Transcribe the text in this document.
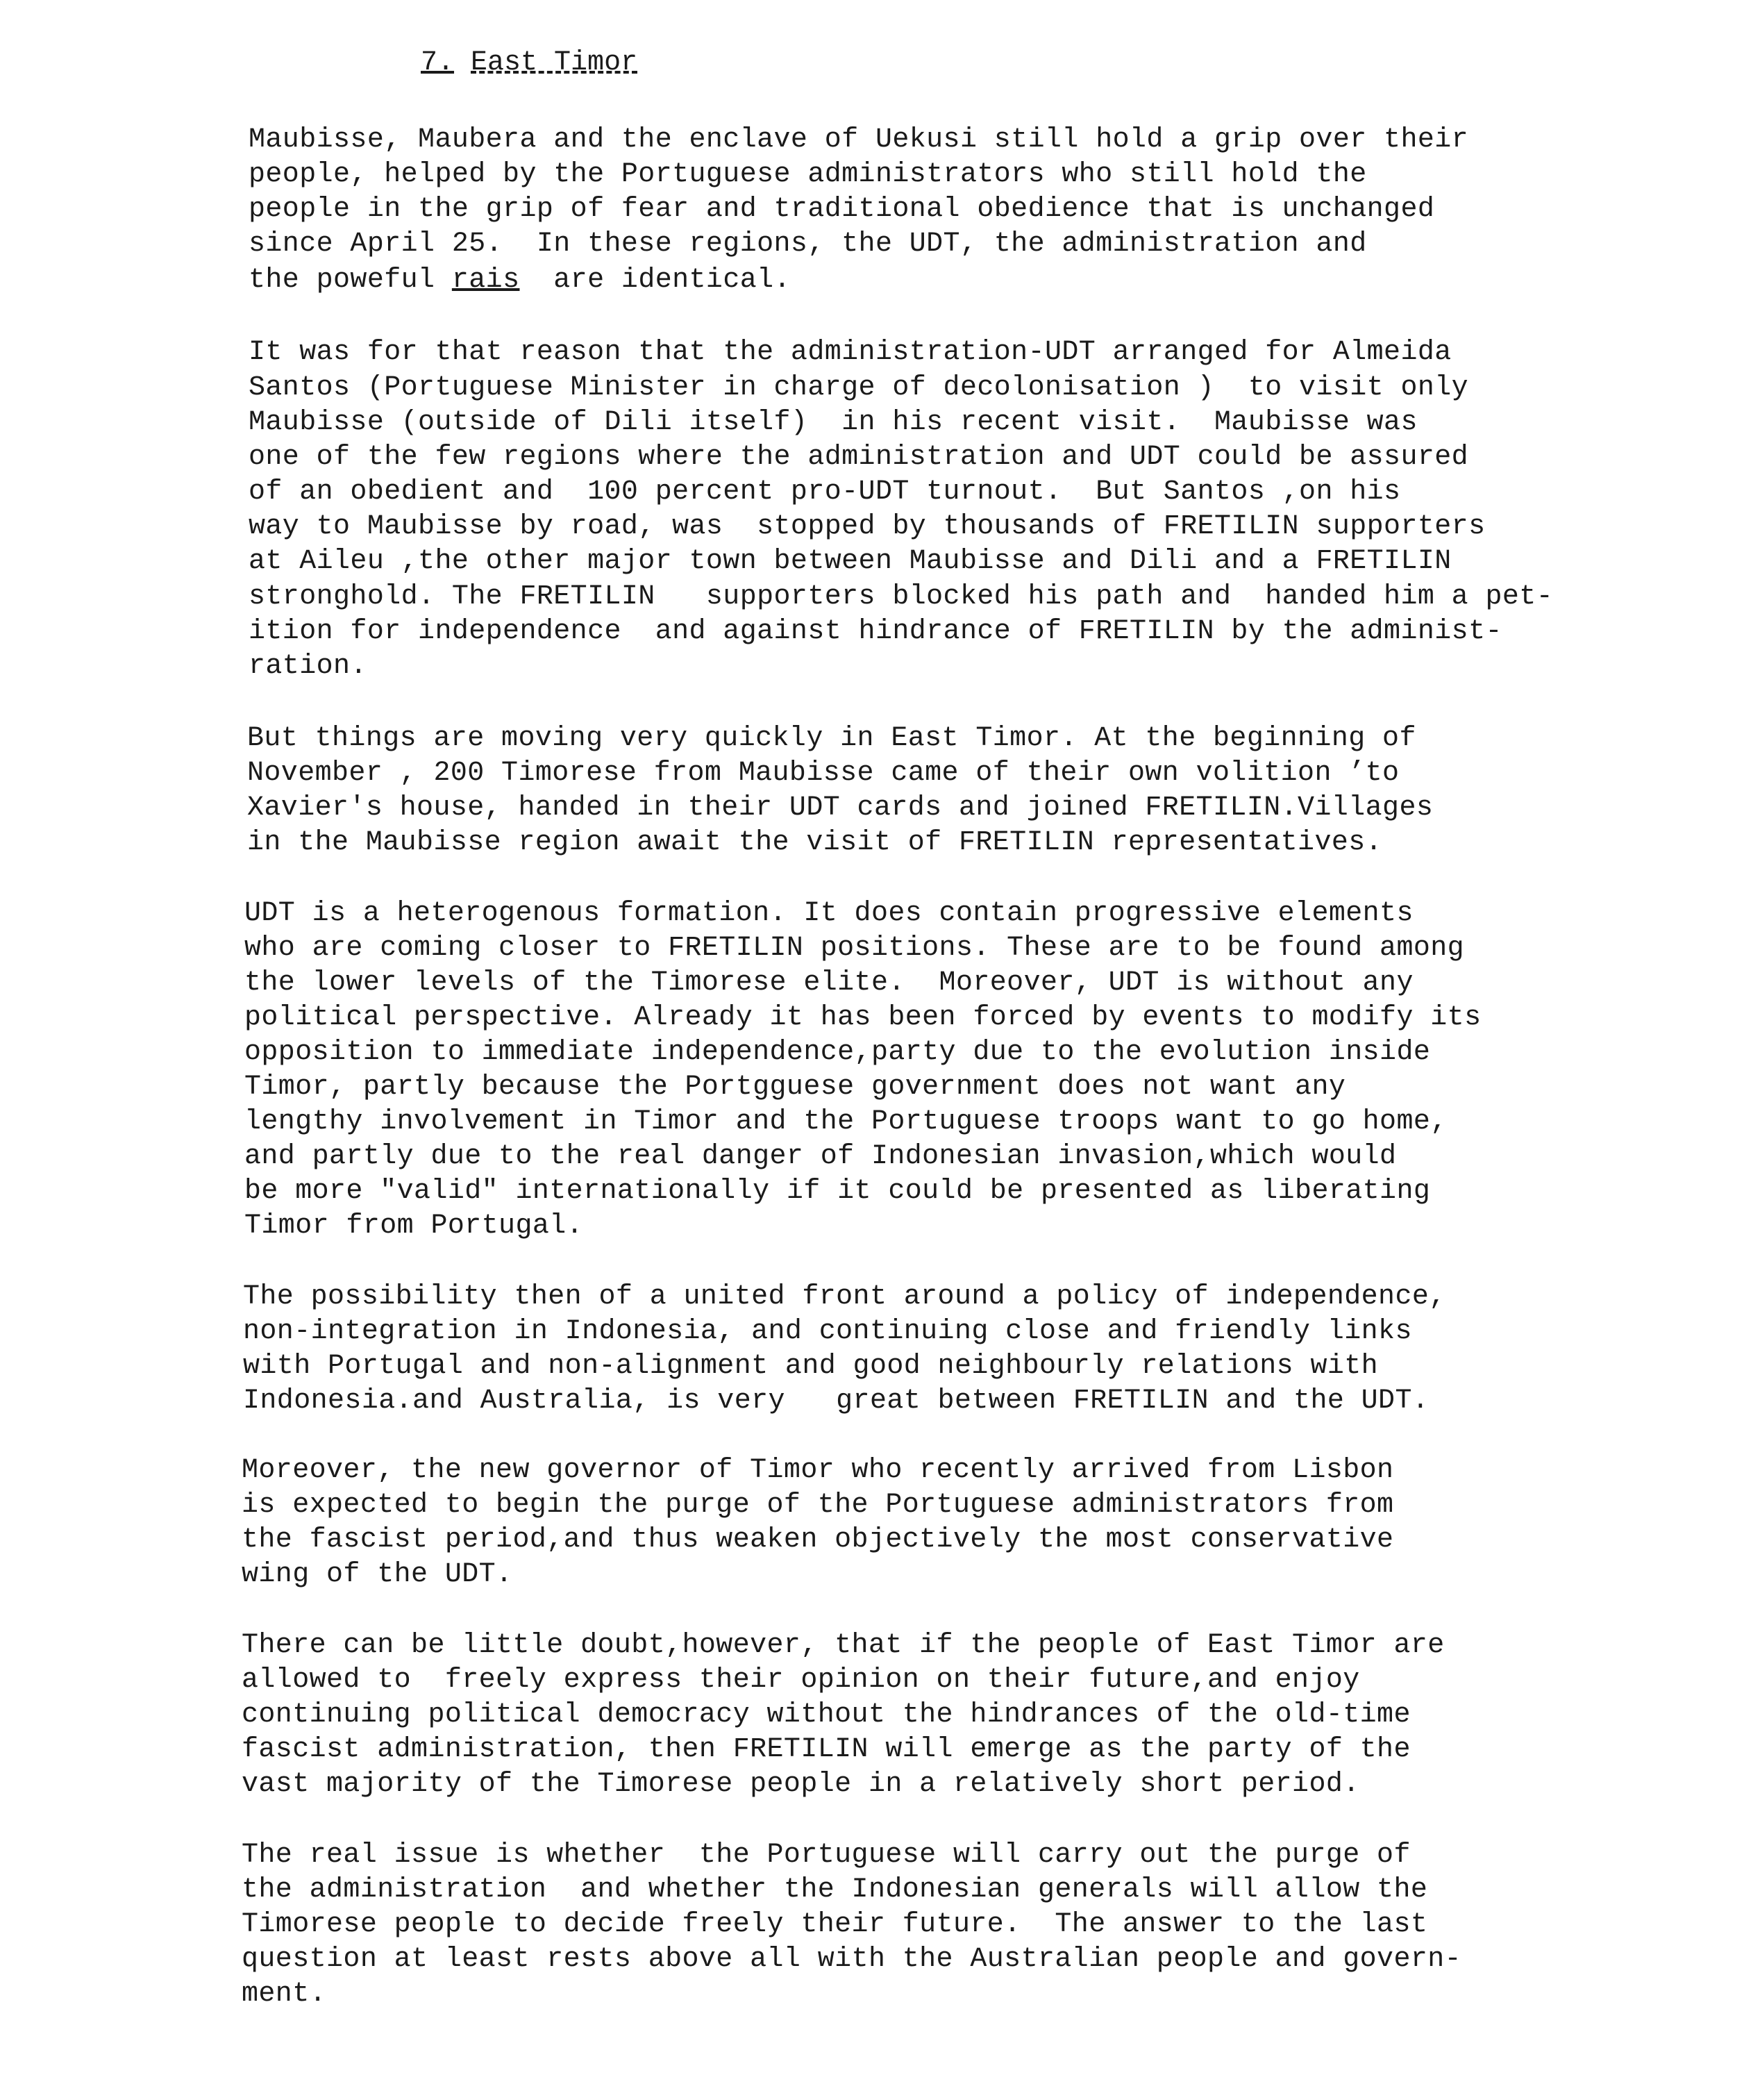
7. East Timor
Maubisse, Maubera and the enclave of Uekusi still hold a grip over their
people, helped by the Portuguese administrators who still hold the
people in the grip of fear and traditional obedience that is unchanged
since April 25.  In these regions, the UDT, the administration and
the poweful rais are identical.
It was for that reason that the administration-UDT arranged for Almeida
Santos (Portuguese Minister in charge of decolonisation )  to visit only
Maubisse (outside of Dili itself)  in his recent visit.  Maubisse was
one of the few regions where the administration and UDT could be assured
of an obedient and  100 percent pro-UDT turnout.  But Santos ,on his
way to Maubisse by road, was  stopped by thousands of FRETILIN supporters
at Aileu ,the other major town between Maubisse and Dili and a FRETILIN
stronghold. The FRETILIN   supporters blocked his path and  handed him a pet-
ition for independence  and against hindrance of FRETILIN by the administ-
ration.
But things are moving very quickly in East Timor. At the beginning of
November , 200 Timorese from Maubisse came of their own volition ’to
Xavier's house, handed in their UDT cards and joined FRETILIN.Villages
in the Maubisse region await the visit of FRETILIN representatives.
UDT is a heterogenous formation. It does contain progressive elements
who are coming closer to FRETILIN positions. These are to be found among
the lower levels of the Timorese elite.  Moreover, UDT is without any
political perspective. Already it has been forced by events to modify its
opposition to immediate independence,party due to the evolution inside
Timor, partly because the Portgguese government does not want any
lengthy involvement in Timor and the Portuguese troops want to go home,
and partly due to the real danger of Indonesian invasion,which would
be more "valid" internationally if it could be presented as liberating
Timor from Portugal.
The possibility then of a united front around a policy of independence,
non-integration in Indonesia, and continuing close and friendly links
with Portugal and non-alignment and good neighbourly relations with
Indonesia.and Australia, is very   great between FRETILIN and the UDT.
Moreover, the new governor of Timor who recently arrived from Lisbon
is expected to begin the purge of the Portuguese administrators from
the fascist period,and thus weaken objectively the most conservative
wing of the UDT.
There can be little doubt,however, that if the people of East Timor are
allowed to  freely express their opinion on their future,and enjoy
continuing political democracy without the hindrances of the old-time
fascist administration, then FRETILIN will emerge as the party of the
vast majority of the Timorese people in a relatively short period.
The real issue is whether  the Portuguese will carry out the purge of
the administration  and whether the Indonesian generals will allow the
Timorese people to decide freely their future.  The answer to the last
question at least rests above all with the Australian people and govern-
ment.
